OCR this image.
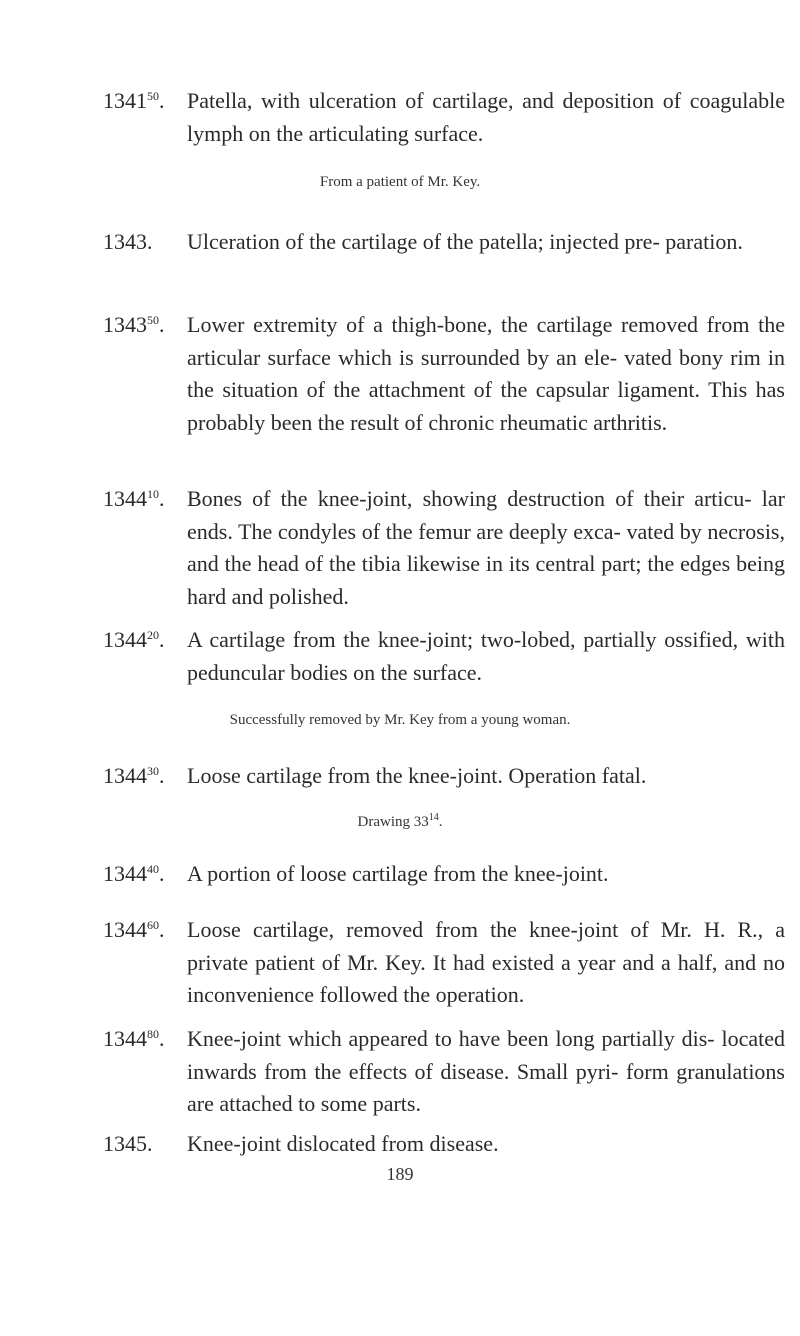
1341$^{50}$. Patella, with ulceration of cartilage, and deposition of coagulable lymph on the articulating surface.
From a patient of Mr. Key.
1343. Ulceration of the cartilage of the patella; injected pre- paration.
1343$^{50}$. Lower extremity of a thigh-bone, the cartilage removed from the articular surface which is surrounded by an ele- vated bony rim in the situation of the attachment of the capsular ligament. This has probably been the result of chronic rheumatic arthritis.
1344$^{10}$. Bones of the knee-joint, showing destruction of their articu- lar ends. The condyles of the femur are deeply exca- vated by necrosis, and the head of the tibia likewise in its central part; the edges being hard and polished.
1344$^{20}$. A cartilage from the knee-joint; two-lobed, partially ossified, with peduncular bodies on the surface.
Successfully removed by Mr. Key from a young woman.
1344$^{30}$. Loose cartilage from the knee-joint. Operation fatal.
Drawing $33^{14}$.
1344$^{40}$. A portion of loose cartilage from the knee-joint.
1344$^{60}$. Loose cartilage, removed from the knee-joint of Mr. H. R., a private patient of Mr. Key. It had existed a year and a half, and no inconvenience followed the operation.
1344$^{80}$. Knee-joint which appeared to have been long partially dis- located inwards from the effects of disease. Small pyri- form granulations are attached to some parts.
1345. Knee-joint dislocated from disease.
189
